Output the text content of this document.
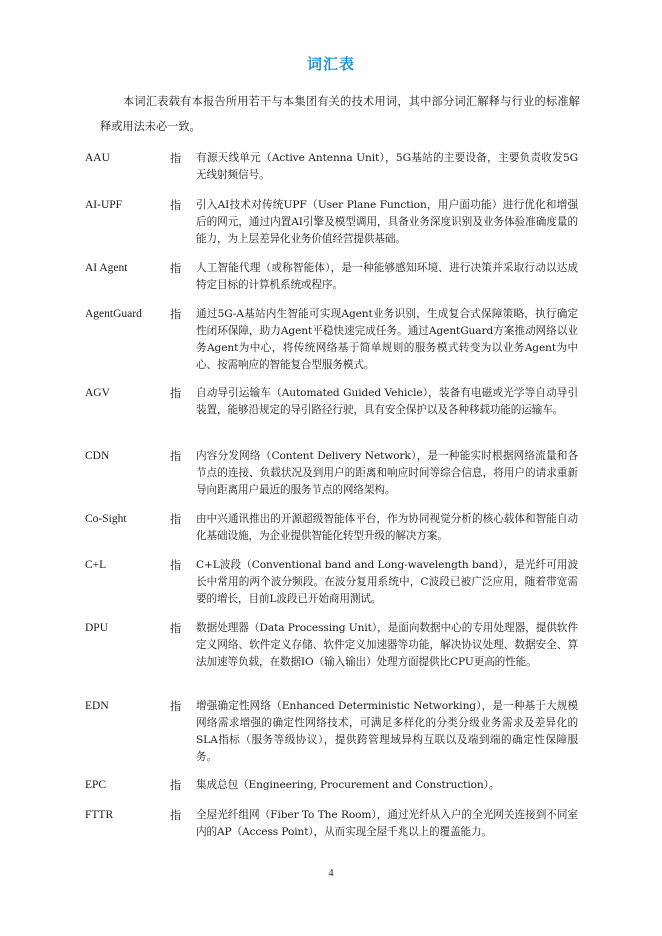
词汇表
本词汇表载有本报告所用若干与本集团有关的技术用词，其中部分词汇解释与行业的标准解释或用法未必一致。
AAU	指	有源天线单元（Active Antenna Unit），5G基站的主要设备，主要负责收发5G无线射频信号。
AI-UPF	指	引入AI技术对传统UPF（User Plane Function，用户面功能）进行优化和增强后的网元，通过内置AI引擎及模型调用，具备业务深度识别及业务体验准确度量的能力，为上层差异化业务价值经营提供基础。
AI Agent	指	人工智能代理（或称智能体），是一种能够感知环境、进行决策并采取行动以达成特定目标的计算机系统或程序。
AgentGuard	指	通过5G-A基站内生智能可实现Agent业务识别，生成复合式保障策略，执行确定性闭环保障，助力Agent平稳快速完成任务。通过AgentGuard方案推动网络以业务Agent为中心，将传统网络基于简单规则的服务模式转变为以业务Agent为中心、按需响应的智能复合型服务模式。
AGV	指	自动导引运输车（Automated Guided Vehicle），装备有电磁或光学等自动导引装置，能够沿规定的导引路径行驶，具有安全保护以及各种移载功能的运输车。
CDN	指	内容分发网络（Content Delivery Network），是一种能实时根据网络流量和各节点的连接、负载状况及到用户的距离和响应时间等综合信息，将用户的请求重新导向距离用户最近的服务节点的网络架构。
Co-Sight	指	由中兴通讯推出的开源超级智能体平台，作为协同视觉分析的核心载体和智能自动化基础设施，为企业提供智能化转型升级的解决方案。
C+L	指	C+L波段（Conventional band and Long-wavelength band），是光纤可用波长中常用的两个波分频段。在波分复用系统中，C波段已被广泛应用，随着带宽需要的增长，目前L波段已开始商用测试。
DPU	指	数据处理器（Data Processing Unit），是面向数据中心的专用处理器，提供软件定义网络、软件定义存储、软件定义加速器等功能，解决协议处理、数据安全、算法加速等负载，在数据IO（输入输出）处理方面提供比CPU更高的性能。
EDN	指	增强确定性网络（Enhanced Deterministic Networking），是一种基于大规模网络需求增强的确定性网络技术，可满足多样化的分类分级业务需求及差异化的SLA指标（服务等级协议），提供跨管理域异构互联以及端到端的确定性保障服务。
EPC	指	集成总包（Engineering, Procurement and Construction）。
FTTR	指	全屋光纤组网（Fiber To The Room），通过光纤从入户的全光网关连接到不同室内的AP（Access Point），从而实现全屋千兆以上的覆盖能力。
4
